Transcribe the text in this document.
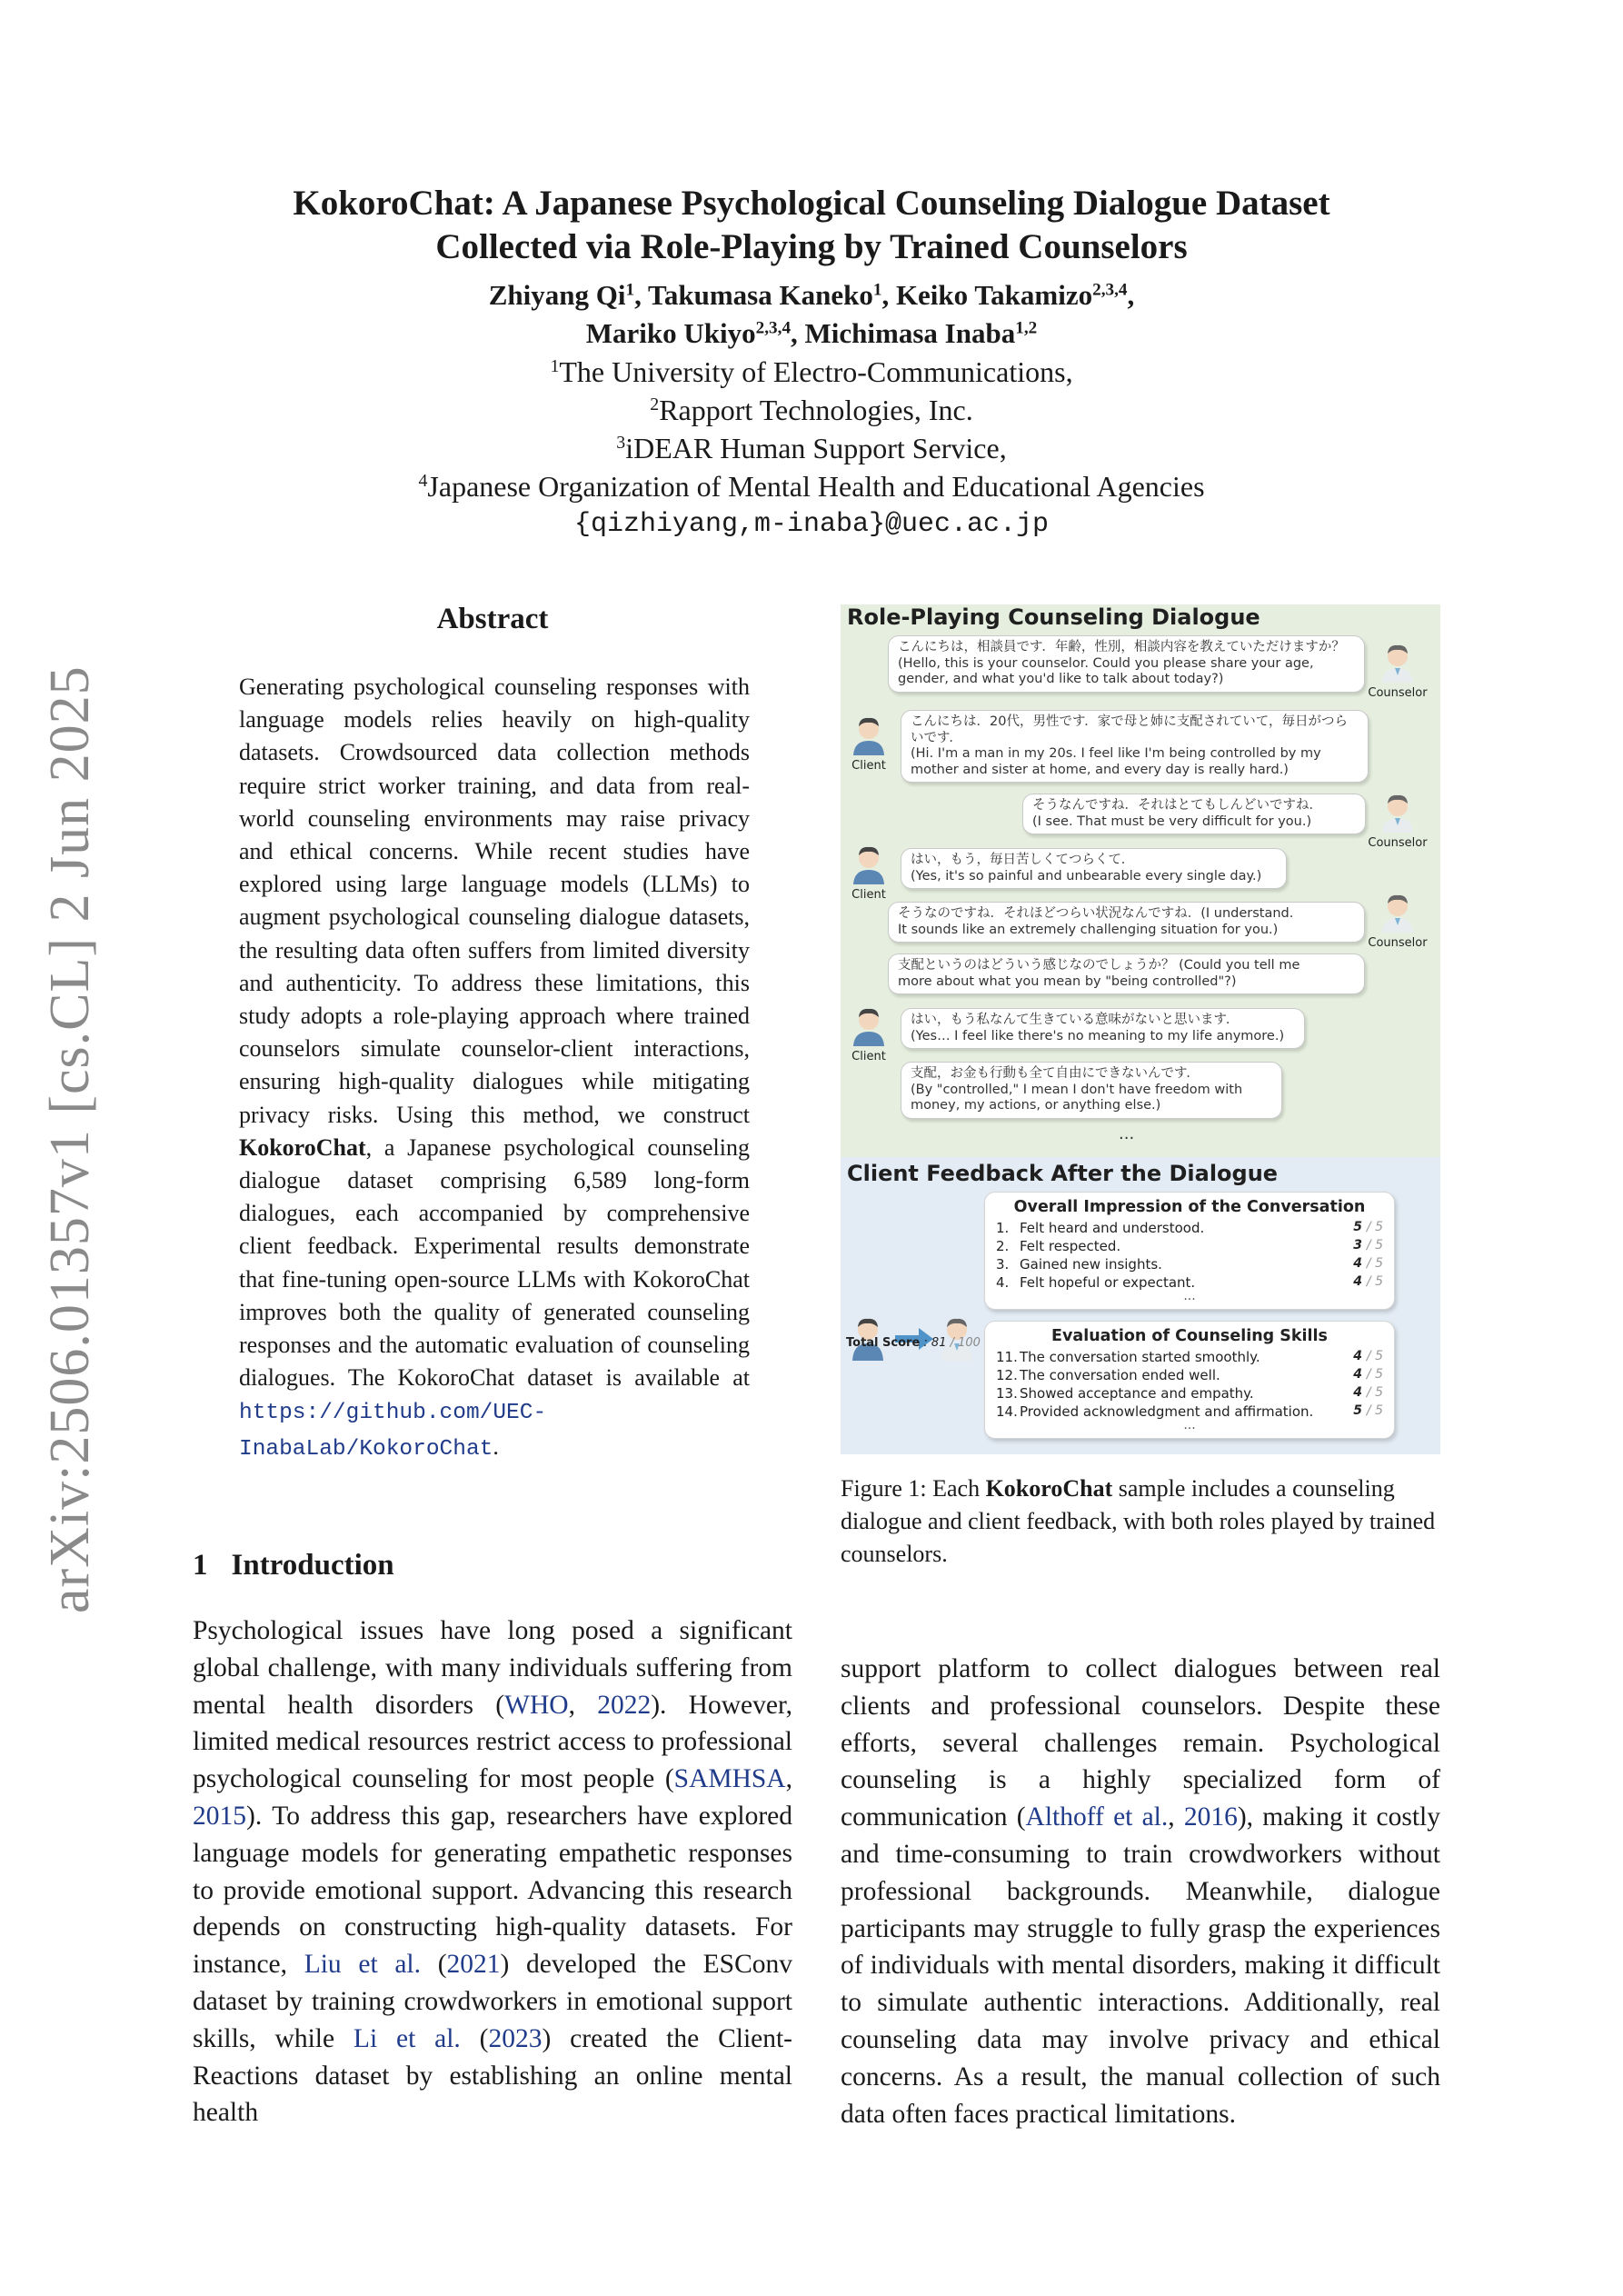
arXiv:2506.01357v1 [cs.CL] 2 Jun 2025
KokoroChat: A Japanese Psychological Counseling Dialogue Dataset
Collected via Role-Playing by Trained Counselors
Zhiyang Qi$^1$, Takumasa Kaneko$^1$, Keiko Takamizo$^{2,3,4}$,
Mariko Ukiyo$^{2,3,4}$, Michimasa Inaba$^{1,2}$
$^1$The University of Electro-Communications,
$^2$Rapport Technologies, Inc.
$^3$iDEAR Human Support Service,
$^4$Japanese Organization of Mental Health and Educational Agencies
{qizhiyang,m-inaba}@uec.ac.jp
Abstract
Generating psychological counseling responses with language models relies heavily on high-quality datasets. Crowdsourced data collection methods require strict worker training, and data from real-world counseling environments may raise privacy and ethical concerns. While recent studies have explored using large language models (LLMs) to augment psychological counseling dialogue datasets, the resulting data often suffers from limited diversity and authenticity. To address these limitations, this study adopts a role-playing approach where trained counselors simulate counselor-client interactions, ensuring high-quality dialogues while mitigating privacy risks. Using this method, we construct KokoroChat, a Japanese psychological counseling dialogue dataset comprising 6,589 long-form dialogues, each accompanied by comprehensive client feedback. Experimental results demonstrate that fine-tuning open-source LLMs with KokoroChat improves both the quality of generated counseling responses and the automatic evaluation of counseling dialogues. The KokoroChat dataset is available at https://github.com/UEC-InabaLab/KokoroChat.
Role-Playing Counseling Dialogue
こんにちは，相談員です．年齢，性別，相談内容を教えていただけますか？
(Hello, this is your counselor. Could you please share your age, gender, and what you'd like to talk about today?)
Counselor
こんにちは．20代，男性です．家で母と姉に支配されていて，毎日がつらいです．
(Hi. I'm a man in my 20s. I feel like I'm being controlled by my mother and sister at home, and every day is really hard.)
Client
そうなんですね．それはとてもしんどいですね．
(I see. That must be very difficult for you.)
Counselor
はい，もう，毎日苦しくてつらくて．
(Yes, it's so painful and unbearable every single day.)
Client
そうなのですね．それほどつらい状況なんですね．(I understand.
It sounds like an extremely challenging situation for you.)
Counselor
支配というのはどういう感じなのでしょうか？ (Could you tell me
more about what you mean by "being controlled"?)
はい，もう私なんて生きている意味がないと思います．
(Yes… I feel like there's no meaning to my life anymore.)
Client
支配，お金も行動も全て自由にできないんです．
(By "controlled," I mean I don't have freedom with money, my actions, or anything else.)
...
Client Feedback After the Dialogue
Overall Impression of the Conversation
1. Felt heard and understood.	5 / 5
2. Felt respected.	3 / 5
3. Gained new insights.	4 / 5
4. Felt hopeful or expectant.	4 / 5
...
Evaluation of Counseling Skills
11. The conversation started smoothly.	4 / 5
12. The conversation ended well.	4 / 5
13. Showed acceptance and empathy.	4 / 5
14. Provided acknowledgment and affirmation.	5 / 5
...
Total Score : 81 / 100
Figure 1: Each KokoroChat sample includes a counseling dialogue and client feedback, with both roles played by trained counselors.
1 Introduction
Psychological issues have long posed a significant global challenge, with many individuals suffering from mental health disorders (WHO, 2022). However, limited medical resources restrict access to professional psychological counseling for most people (SAMHSA, 2015). To address this gap, researchers have explored language models for generating empathetic responses to provide emotional support. Advancing this research depends on constructing high-quality datasets. For instance, Liu et al. (2021) developed the ESConv dataset by training crowdworkers in emotional support skills, while Li et al. (2023) created the Client-Reactions dataset by establishing an online mental health
support platform to collect dialogues between real clients and professional counselors. Despite these efforts, several challenges remain. Psychological counseling is a highly specialized form of communication (Althoff et al., 2016), making it costly and time-consuming to train crowdworkers without professional backgrounds. Meanwhile, dialogue participants may struggle to fully grasp the experiences of individuals with mental disorders, making it difficult to simulate authentic interactions. Additionally, real counseling data may involve privacy and ethical concerns. As a result, the manual collection of such data often faces practical limitations.
